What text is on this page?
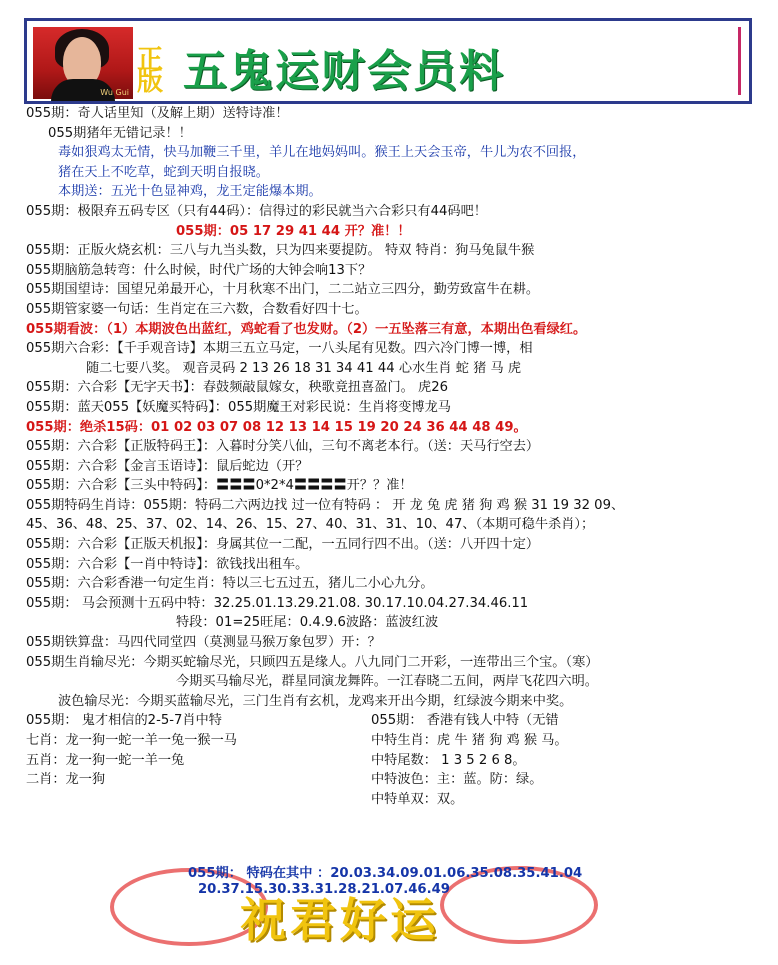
Wu Gui
正版 五鬼运财会员料
055期：奇人话里知（及解上期）送特诗准！
055期猪年无错记录！！
毒如狠鸡太无情，快马加鞭三千里，羊儿在地妈妈叫。猴王上天会玉帝，牛儿为农不回报，
猪在天上不吃草，蛇到天明自报晓。
本期送：五光十色显神鸡，龙王定能爆本期。
055期：极限弃五码专区（只有44码）：信得过的彩民就当六合彩只有44码吧！
055期：05 17 29 41 44 开？准！！
055期：正版火烧玄机：三八与九当头数，只为四来要提防。 特双 特肖：狗马兔鼠牛猴
055期脑筋急转弯：什么时候，时代广场的大钟会响13下？
055期国望诗：国望兄弟最开心，十月秋寒不出门，二二站立三四分，勤劳致富牛在耕。
055期管家婆一句话：生肖定在三六数，合数看好四十七。
055期看波：（1）本期波色出蓝红，鸡蛇看了也发财。（2）一五坠落三有意，本期出色看绿红。
055期六合彩：【千手观音诗】本期三五立马定，一八头尾有见数。四六冷门博一博，相
随二七要八奖。 观音灵码 2 13 26 18 31 34 41 44 心水生肖 蛇 猪 马 虎
055期：六合彩【无字天书】：春鼓频敲鼠嫁女，秧歌竟扭喜盈门。 虎26
055期：蓝天055【妖魔买特码】：055期魔王对彩民说：生肖将变博龙马
055期：绝杀15码：01 02 03 07 08 12 13 14 15 19 20 24 36 44 48 49。
055期：六合彩【正版特码王】：入暮时分笑八仙，三句不离老本行。（送：天马行空去）
055期：六合彩【金言玉语诗】：鼠后蛇边（开？
055期：六合彩【三头中特码】：〓〓〓0*2*4〓〓〓〓开？？准！
055期特码生肖诗：055期：特码二六两边找 过一位有特码 ： 开 龙 兔 虎 猪 狗 鸡 猴 31 19 32 09、
45、36、48、25、37、02、14、26、15、27、40、31、31、10、47、（本期可稳牛杀肖）；
055期：六合彩【正版天机报】：身属其位一二配，一五同行四不出。（送：八开四十定）
055期：六合彩【一肖中特诗】：欲钱找出租车。
055期：六合彩香港一句定生肖：特以三七五过五，猪儿二小心九分。
055期： 马会预测十五码中特：32.25.01.13.29.21.08. 30.17.10.04.27.34.46.11
特段：01=25旺尾：0.4.9.6波路：蓝波红波
055期铁算盘：马四代同堂四（莫测显马猴万象包罗）开：？
055期生肖输尽光：今期买蛇输尽光，只顾四五是缘人。八九同门二开彩，一连带出三个宝。（寒）
今期买马输尽光，群星同演龙舞阵。一江春晓二五间，两岸飞花四六明。
波色输尽光：今期买蓝输尽光，三门生肖有玄机，龙鸡来开出今期，红绿波今期来中奖。
055期： 鬼才相信的2-5-7肖中特	055期： 香港有钱人中特（无错
七肖：龙一狗一蛇一羊一兔一猴一马	中特生肖：虎 牛 猪 狗 鸡 猴 马。
五肖：龙一狗一蛇一羊一兔	中特尾数： 1 3 5 2 6 8。
二肖：龙一狗	中特波色：主：蓝。防：绿。
中特单双：双。
055期： 特码在其中 ：20.03.34.09.01.06.35.08.35.41.04
20.37.15.30.33.31.28.21.07.46.49
祝君好运
